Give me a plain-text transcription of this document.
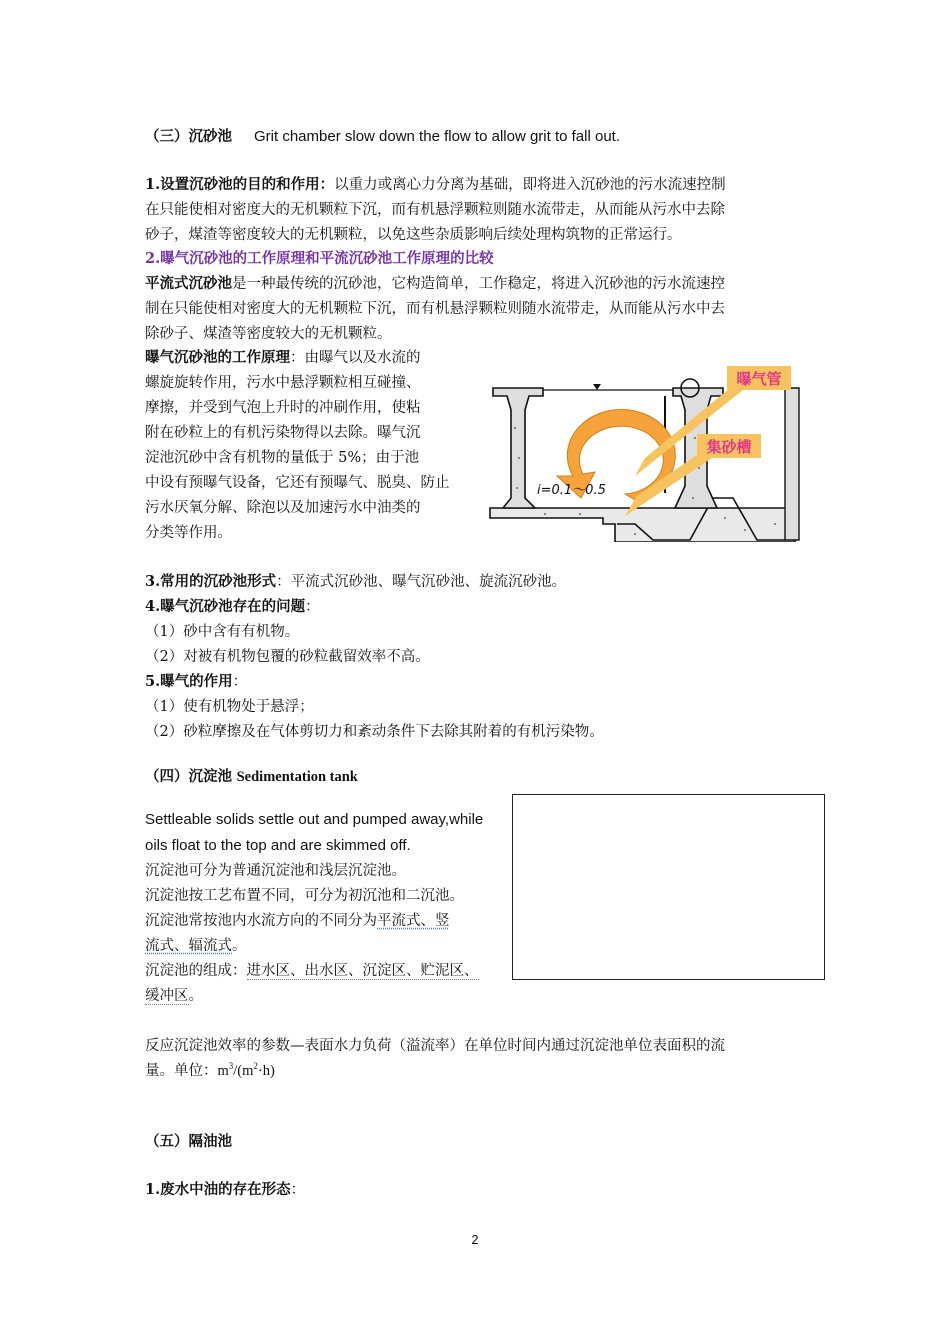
（三）沉砂池 Grit chamber slow down the flow to allow grit to fall out.
1.设置沉砂池的目的和作用：以重力或离心力分离为基础，即将进入沉砂池的污水流速控制
在只能使相对密度大的无机颗粒下沉，而有机悬浮颗粒则随水流带走，从而能从污水中去除
砂子，煤渣等密度较大的无机颗粒，以免这些杂质影响后续处理构筑物的正常运行。
2.曝气沉砂池的工作原理和平流沉砂池工作原理的比较
平流式沉砂池是一种最传统的沉砂池，它构造简单，工作稳定，将进入沉砂池的污水流速控
制在只能使相对密度大的无机颗粒下沉，而有机悬浮颗粒则随水流带走，从而能从污水中去
除砂子、煤渣等密度较大的无机颗粒。
曝气沉砂池的工作原理：由曝气以及水流的
螺旋旋转作用，污水中悬浮颗粒相互碰撞、
摩擦，并受到气泡上升时的冲刷作用，使粘
附在砂粒上的有机污染物得以去除。曝气沉
淀池沉砂中含有机物的量低于 5%；由于池
中设有预曝气设备，它还有预曝气、脱臭、防止
污水厌氧分解、除泡以及加速污水中油类的
分类等作用。
i=0.1～0.5
曝气管
集砂槽
3.常用的沉砂池形式：平流式沉砂池、曝气沉砂池、旋流沉砂池。
4.曝气沉砂池存在的问题：
（1）砂中含有有机物。
（2）对被有机物包覆的砂粒截留效率不高。
5.曝气的作用：
（1）使有机物处于悬浮；
（2）砂粒摩擦及在气体剪切力和紊动条件下去除其附着的有机污染物。
（四）沉淀池 Sedimentation tank
Settleable solids settle out and pumped away,while
oils float to the top and are skimmed off.
沉淀池可分为普通沉淀池和浅层沉淀池。
沉淀池按工艺布置不同，可分为初沉池和二沉池。
沉淀池常按池内水流方向的不同分为平流式、竖
流式、辐流式。
沉淀池的组成：进水区、出水区、沉淀区、贮泥区、
缓冲区。
反应沉淀池效率的参数—表面水力负荷（溢流率）在单位时间内通过沉淀池单位表面积的流
量。单位：$m^3/(m^2\cdot h)$
（五）隔油池
1.废水中油的存在形态：
2
